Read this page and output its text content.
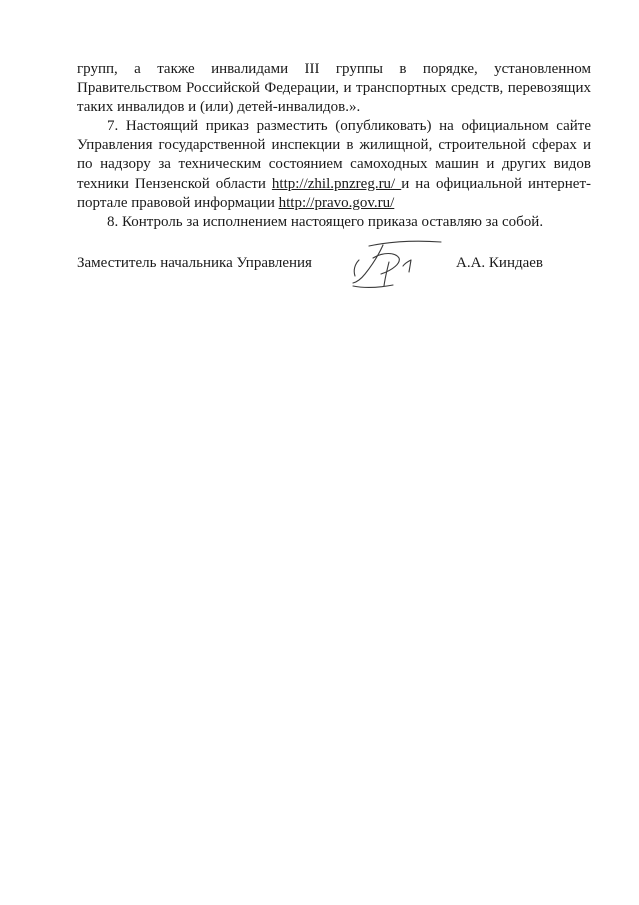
групп, а также инвалидами III группы в порядке, установленном Правительством Российской Федерации, и транспортных средств, перевозящих таких инвалидов и (или) детей-инвалидов.».

7. Настоящий приказ разместить (опубликовать) на официальном сайте Управления государственной инспекции в жилищной, строительной сферах и по надзору за техническим состоянием самоходных машин и других видов техники Пензенской области http://zhil.pnzreg.ru/ и на официальной интернет-портале правовой информации http://pravo.gov.ru/

8. Контроль за исполнением настоящего приказа оставляю за собой.

Заместитель начальника Управления	А.А. Киндаев
